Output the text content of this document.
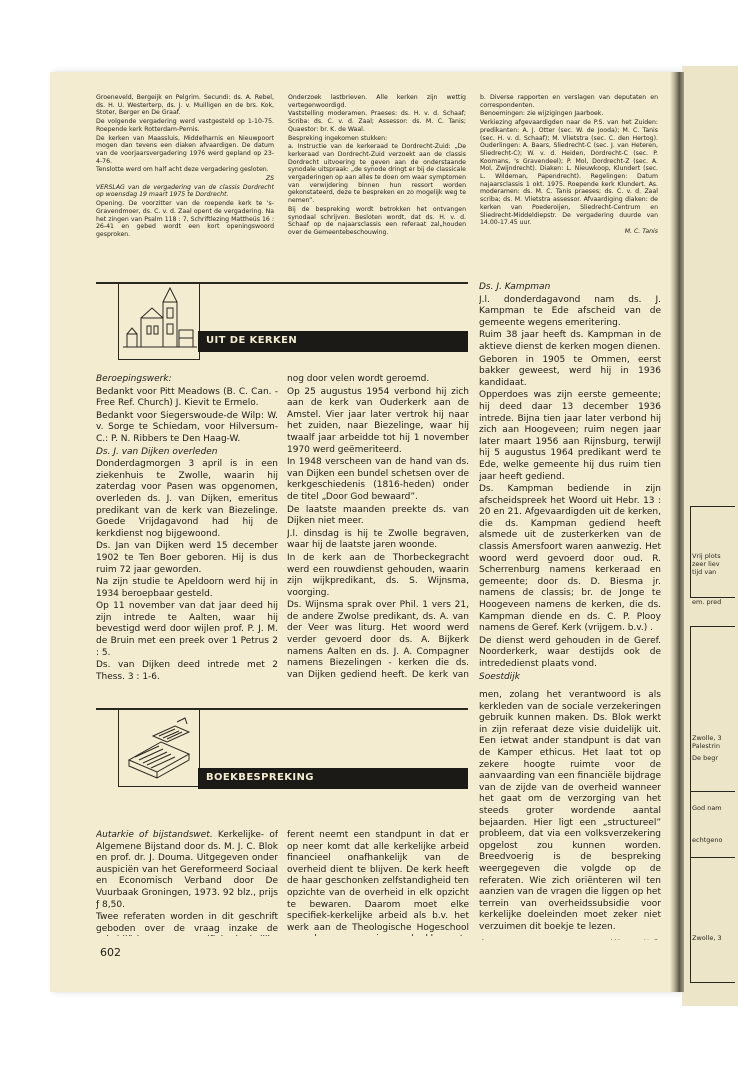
Vrij plots
zeer liev
tijd van
em. pred
Zwolle, 3
Palestrin
De begr
God nam
echtgeno
Zwolle, 3

Groeneveld, Bergeijk en Pelgrim. Secundi: ds. A. Rebel, ds. H. U. Westerterp, ds. J. v. Muilligen en de brs. Kok, Stoter, Berger en De Graaf.

De volgende vergadering werd vastgesteld op 1-10-75. Roepende kerk Rotterdam-Pernis.

De kerken van Maassluis, Middelharnis en Nieuwpoort mogen dan tevens een diaken afvaardigen. De datum van de voorjaarsvergadering 1976 werd gepland op 23-4-76.

Tenslotte werd om half acht deze vergadering gesloten.

ZS

VERSLAG van de vergadering van de classis Dordrecht op woensdag 19 maart 1975 te Dordrecht.

Opening. De voorzitter van de roepende kerk te 's-Gravendmoer, ds. C. v. d. Zaal opent de vergadering. Na het zingen van Psalm 118 : 7, Schriftlezing Mattheüs 16 : 26-41 en gebed wordt een kort openingswoord gesproken.

Onderzoek lastbrieven. Alle kerken zijn wettig vertegenwoordigd.

Vaststelling moderamen. Praeses: ds. H. v. d. Schaaf; Scriba: ds. C. v. d. Zaal; Assessor: ds. M. C. Tanis; Quaestor: br. K. de Waal.

Bespreking ingekomen stukken:

a. Instructie van de kerkeraad te Dordrecht-Zuid: „De kerkeraad van Dordrecht-Zuid verzoekt aan de classis Dordrecht uitvoering te geven aan de onderstaande synodale uitspraak: „de synode dringt er bij de classicale vergaderingen op aan alles te doen om waar symptomen van verwijdering binnen hun ressort worden gekonstateerd, deze te bespreken en zo mogelijk weg te nemen”.

Bij de bespreking wordt betrokken het ontvangen synodaal schrijven. Besloten wordt, dat ds. H. v. d. Schaaf op de najaarsclassis een referaat zal„houden over de Gemeentebeschouwing.

b. Diverse rapporten en verslagen van deputaten en correspondenten.

Benoemingen: zie wijzigingen Jaarboek.

Verkiezing afgevaardigden naar de P.S. van het Zuiden: predikanten: A. J. Otter (sec. W. de Jooda); M. C. Tanis (sec. H. v. d. Schaaf); M. Vlietstra (sec. C. den Hertog). Ouderlingen: A. Baars, Sliedrecht-C (sec. J. van Heteren, Sliedrecht-C); W. v. d. Heiden, Dordrecht-C (sec. P. Koomans, 's Gravendeel); P. Mol, Dordrecht-Z (sec. A. Mol, Zwijndrecht). Diaken: L. Nieuwkoop, Klundert (sec. L. Wildeman, Papendrecht). Regelingen: Datum najaarsclassis 1 okt. 1975. Roepende kerk Klundert. As. moderamen: ds. M. C. Tanis praeses; ds. C. v. d. Zaal scriba; ds. M. Vlietstra assessor. Afvaardiging diaken: de kerken van Poederoijen, Sliedrecht-Centrum en Sliedrecht-Middeldiepstr. De vergadering duurde van 14.00-17.45 uur.

M. C. Tanis

UIT DE KERKEN

Beroepingswerk:

Bedankt voor Pitt Meadows (B. C. Can. - Free Ref. Church) J. Kievit te Ermelo.

Bedankt voor Siegerswoude-de Wilp: W. v. Sorge te Schiedam, voor Hilversum-C.: P. N. Ribbers te Den Haag-W.

Ds. J. van Dijken overleden

Donderdagmorgen 3 april is in een ziekenhuis te Zwolle, waarin hij zaterdag voor Pasen was opgenomen, overleden ds. J. van Dijken, emeritus predikant van de kerk van Biezelinge. Goede Vrijdagavond had hij de kerkdienst nog bijgewoond.

Ds. Jan van Dijken werd 15 december 1902 te Ten Boer geboren. Hij is dus ruim 72 jaar geworden.

Na zijn studie te Apeldoorn werd hij in 1934 beroepbaar gesteld.

Op 11 november van dat jaar deed hij zijn intrede te Aalten, waar hij bevestigd werd door wijlen prof. P. J. M. de Bruin met een preek over 1 Petrus 2 : 5.

Ds. van Dijken deed intrede met 2 Thess. 3 : 1-6.

nog door velen wordt geroemd.

Op 25 augustus 1954 verbond hij zich aan de kerk van Ouderkerk aan de Amstel. Vier jaar later vertrok hij naar het zuiden, naar Biezelinge, waar hij twaalf jaar arbeidde tot hij 1 november 1970 werd geëmeriteerd.

In 1948 verscheen van de hand van ds. van Dijken een bundel schetsen over de kerkgeschiedenis (1816-heden) onder de titel „Door God bewaard”.

De laatste maanden preekte ds. van Dijken niet meer.

J.l. dinsdag is hij te Zwolle begraven, waar hij de laatste jaren woonde.

In de kerk aan de Thorbeckegracht werd een rouwdienst gehouden, waarin zijn wijkpredikant, ds. S. Wijnsma, voorging.

Ds. Wijnsma sprak over Phil. 1 vers 21, de andere Zwolse predikant, ds. A. van der Veer was liturg. Het woord werd verder gevoerd door ds. A. Bijkerk namens Aalten en ds. J. A. Compagner namens Biezelingen - kerken die ds. van Dijken gediend heeft. De kerk van

Ds. J. Kampman

J.l. donderdagavond nam ds. J. Kampman te Ede afscheid van de gemeente wegens emeritering.

Ruim 38 jaar heeft ds. Kampman in de aktieve dienst de kerken mogen dienen.

Geboren in 1905 te Ommen, eerst bakker geweest, werd hij in 1936 kandidaat.

Opperdoes was zijn eerste gemeente; hij deed daar 13 december 1936 intrede. Bijna tien jaar later verbond hij zich aan Hoogeveen; ruim negen jaar later maart 1956 aan Rijnsburg, terwijl hij 5 augustus 1964 predikant werd te Ede, welke gemeente hij dus ruim tien jaar heeft gediend.

Ds. Kampman bediende in zijn afscheidspreek het Woord uit Hebr. 13 : 20 en 21. Afgevaardigden uit de kerken, die ds. Kampman gediend heeft alsmede uit de zusterkerken van de classis Amersfoort waren aanwezig. Het woord werd gevoerd door oud. R. Scherrenburg namens kerkeraad en gemeente; door ds. D. Biesma jr. namens de classis; br. de Jonge te Hoogeveen namens de kerken, die ds. Kampman diende en ds. C. P. Plooy namens de Geref. Kerk (vrijgem. b.v.) .

De dienst werd gehouden in de Geref. Noorderkerk, waar destijds ook de intrededienst plaats vond.

Soestdijk

BOEKBESPREKING

Autarkie of bijstandswet. Kerkelijke- of Algemene Bijstand door ds. M. J. C. Blok en prof. dr. J. Douma. Uitgegeven onder auspiciën van het Gereformeerd Sociaal en Economisch Verband door De Vuurbaak Groningen, 1973. 92 blz., prijs ƒ 8,50.

Twee referaten worden in dit geschrift geboden over de vraag inzake de

ferent neemt een standpunt in dat er op neer komt dat alle kerkelijke arbeid financieel onafhankelijk van de overheid dient te blijven. De kerk heeft de haar geschonken zelfstandigheid ten opzichte van de overheid in elk opzicht te bewaren. Daarom moet elke specifiek-kerkelijke arbeid als b.v. het werk aan de Theologische Hogeschool

men, zolang het verantwoord is als kerkleden van de sociale verzekeringen gebruik kunnen maken. Ds. Blok werkt in zijn referaat deze visie duidelijk uit. Een ietwat ander standpunt is dat van de Kamper ethicus. Het laat tot op zekere hoogte ruimte voor de aanvaarding van een financiële bijdrage van de zijde van de overheid wanneer het gaat om de verzorging van het steeds groter wordende aantal bejaarden. Hier ligt een „structureel” probleem, dat via een volksverzekering opgelost zou kunnen worden. Breedvoerig is de bespreking weergegeven die volgde op de referaten. Wie zich oriënteren wil ten aanzien van de vragen die liggen op het terrein van overheidssubsidie voor kerkelijke doeleinden moet zeker niet verzuimen dit boekje te lezen.

602
